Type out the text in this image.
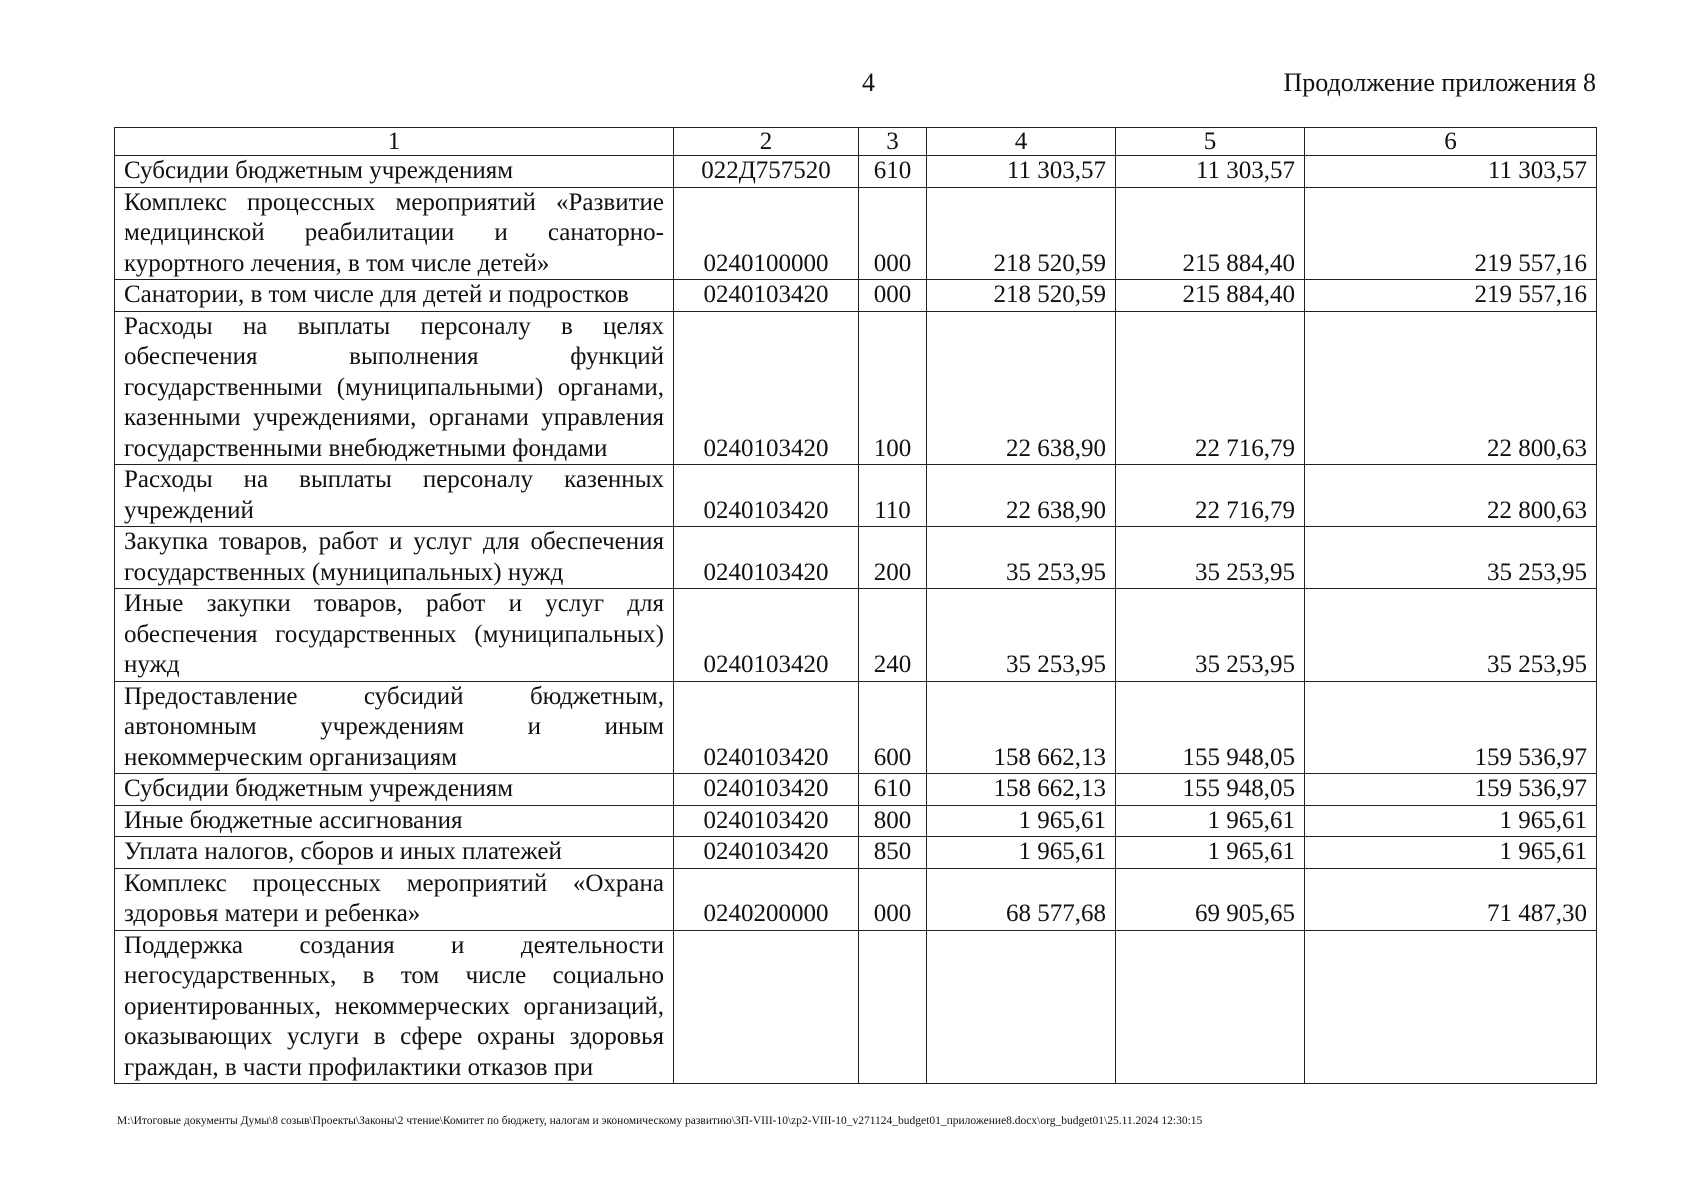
4	Продолжение приложения 8
1	2	3	4	5	6
Субсидии бюджетным учреждениям	022Д757520	610	11 303,57	11 303,57	11 303,57
Комплекс процессных мероприятий «Развитие медицинской реабилитации и санаторно-курортного лечения, в том числе детей»	0240100000	000	218 520,59	215 884,40	219 557,16
Санатории, в том числе для детей и подростков	0240103420	000	218 520,59	215 884,40	219 557,16
Расходы на выплаты персоналу в целях обеспечения выполнения функций государственными (муниципальными) органами, казенными учреждениями, органами управления государственными внебюджетными фондами	0240103420	100	22 638,90	22 716,79	22 800,63
Расходы на выплаты персоналу казенных учреждений	0240103420	110	22 638,90	22 716,79	22 800,63
Закупка товаров, работ и услуг для обеспечения государственных (муниципальных) нужд	0240103420	200	35 253,95	35 253,95	35 253,95
Иные закупки товаров, работ и услуг для обеспечения государственных (муниципальных) нужд	0240103420	240	35 253,95	35 253,95	35 253,95
Предоставление субсидий бюджетным, автономным учреждениям и иным некоммерческим организациям	0240103420	600	158 662,13	155 948,05	159 536,97
Субсидии бюджетным учреждениям	0240103420	610	158 662,13	155 948,05	159 536,97
Иные бюджетные ассигнования	0240103420	800	1 965,61	1 965,61	1 965,61
Уплата налогов, сборов и иных платежей	0240103420	850	1 965,61	1 965,61	1 965,61
Комплекс процессных мероприятий «Охрана здоровья матери и ребенка»	0240200000	000	68 577,68	69 905,65	71 487,30
Поддержка создания и деятельности негосударственных, в том числе социально ориентированных, некоммерческих организаций, оказывающих услуги в сфере охраны здоровья граждан, в части профилактики отказов при					
М:\Итоговые документы Думы\8 созыв\Проекты\Законы\2 чтение\Комитет по бюджету, налогам и экономическому развитию\ЗП-VIII-10\zp2-VIII-10_v271124_budget01_приложение8.docx\org_budget01\25.11.2024 12:30:15
